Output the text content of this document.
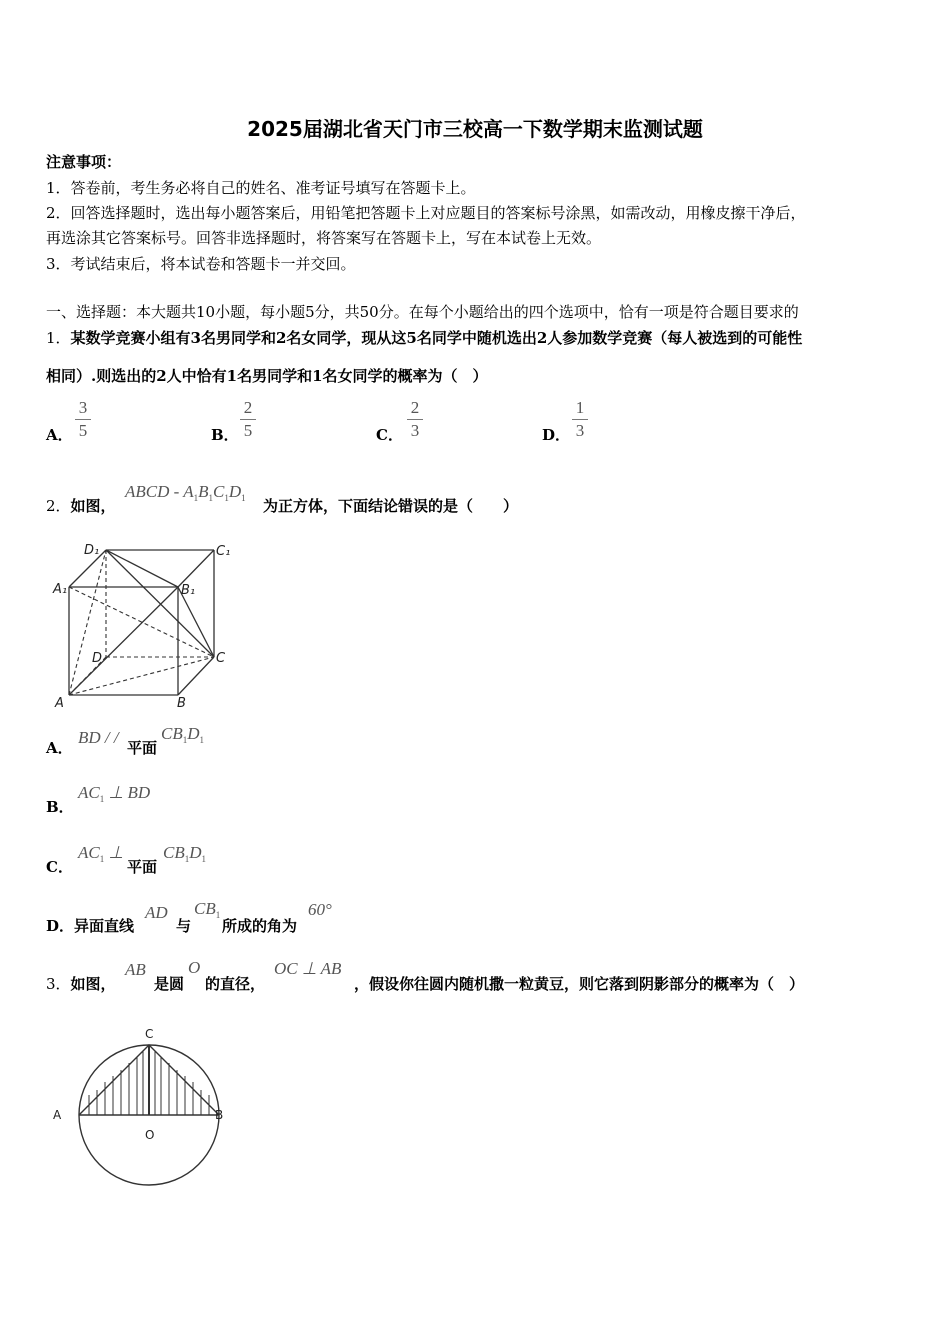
2025届湖北省天门市三校高一下数学期末监测试题
注意事项：
1．答卷前，考生务必将自己的姓名、准考证号填写在答题卡上。
2．回答选择题时，选出每小题答案后，用铅笔把答题卡上对应题目的答案标号涂黑，如需改动，用橡皮擦干净后，
再选涂其它答案标号。回答非选择题时，将答案写在答题卡上，写在本试卷上无效。
3．考试结束后，将本试卷和答题卡一并交回。
一、选择题：本大题共10小题，每小题5分，共50分。在每个小题给出的四个选项中，恰有一项是符合题目要求的
1．某数学竞赛小组有3名男同学和2名女同学，现从这5名同学中随机选出2人参加数学竞赛（每人被选到的可能性
相同）.则选出的2人中恰有1名男同学和1名女同学的概率为（　）
A．
3
5	B．
2
5	C．
2
3	D．
1
3
2．如图，
ABCD - $A_1B_1C_1D_1$ 为正方体，下面结论错误的是（　　）
D₁	C₁
A₁	B₁
D	C
A	B
A．
BD / /
平面
$CB_1D_1$
B．
$AC_1$ ⊥ BD
C．
$AC_1$ ⊥
平面
$CB_1D_1$
D． 异面直线
AD
与
$CB_1$
所成的角为
60°
3．如图，
AB
是圆
O
的直径，
OC ⊥ AB
，假设你往圆内随机撒一粒黄豆，则它落到阴影部分的概率为（　）
C
A	B
O
